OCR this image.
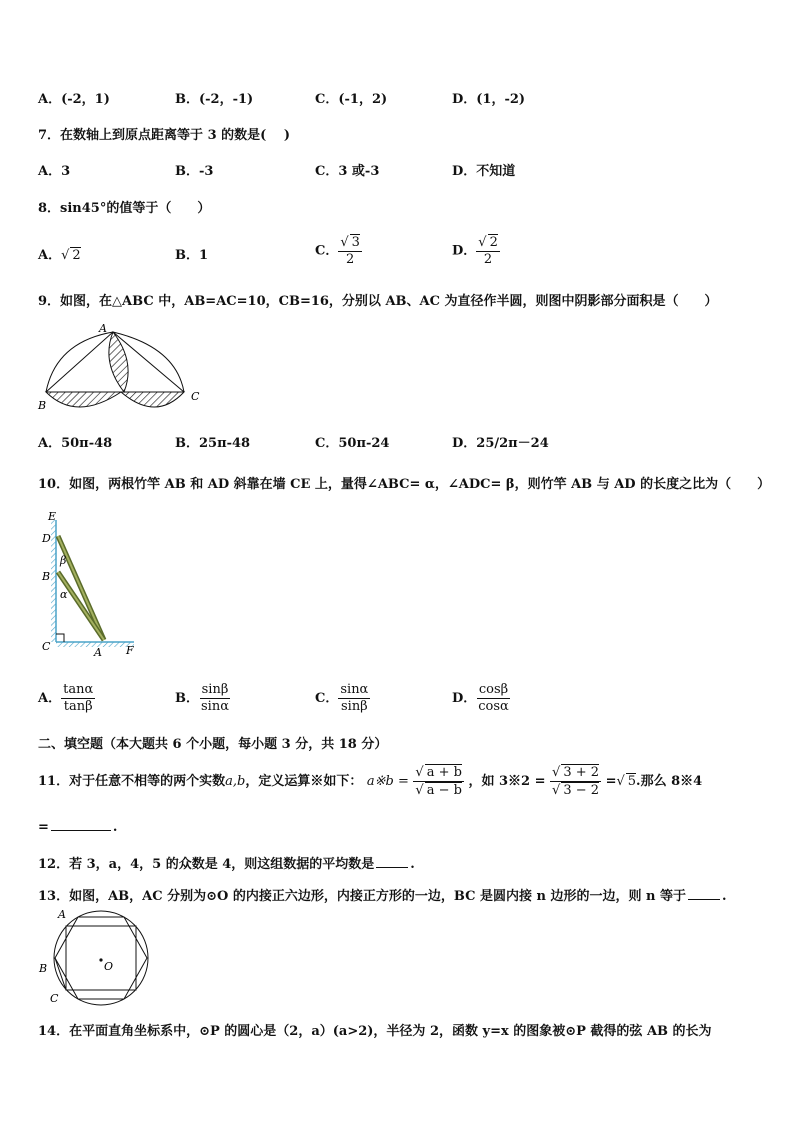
A．(-2，1)	B．(-2，-1)	C．(-1，2)	D．(1，-2)
7．在数轴上到原点距离等于 3 的数是(　 )
A．3	B．-3	C．3 或-3	D．不知道
8．sin45°的值等于（　　）
A．√ 2	B．1	C． $\frac{√ 3}{2}$	D． $\frac{√ 2}{2}$
9．如图，在△ABC 中，AB=AC=10，CB=16，分别以 AB、AC 为直径作半圆，则图中阴影部分面积是（　　）
A
B
C
A．50π-48	B．25π-48	C．50π-24	D．25/2π－24
10．如图，两根竹竿 AB 和 AD 斜靠在墙 CE 上，量得∠ABC= α，∠ADC= β，则竹竿 AB 与 AD 的长度之比为（　　）
E
D
β
B
α
C	A F
A． $\frac{\tan\alpha}{\tan\beta}$	B． $\frac{\sin\beta}{\sin\alpha}$	C． $\frac{\sin\alpha}{\sin\beta}$	D． $\frac{\cos\beta}{\cos\alpha}$
二、填空题（本大题共 6 个小题，每小题 3 分，共 18 分）
11．对于任意不相等的两个实数a,b，定义运算※如下： a※b = $\frac{√ a + b}{√ a - b}$ ，如 3※2 = $\frac{√ 3 + 2}{√ 3 - 2}$ =√ 5.那么 8※4
=	.
12．若 3，a，4，5 的众数是 4，则这组数据的平均数是	.
13．如图，AB，AC 分别为⊙O 的内接正六边形，内接正方形的一边，BC 是圆内接 n 边形的一边，则 n 等于	.
A
B
C
O
14．在平面直角坐标系中，⊙P 的圆心是（2，a）(a>2)，半径为 2，函数 y=x 的图象被⊙P 截得的弦 AB 的长为
